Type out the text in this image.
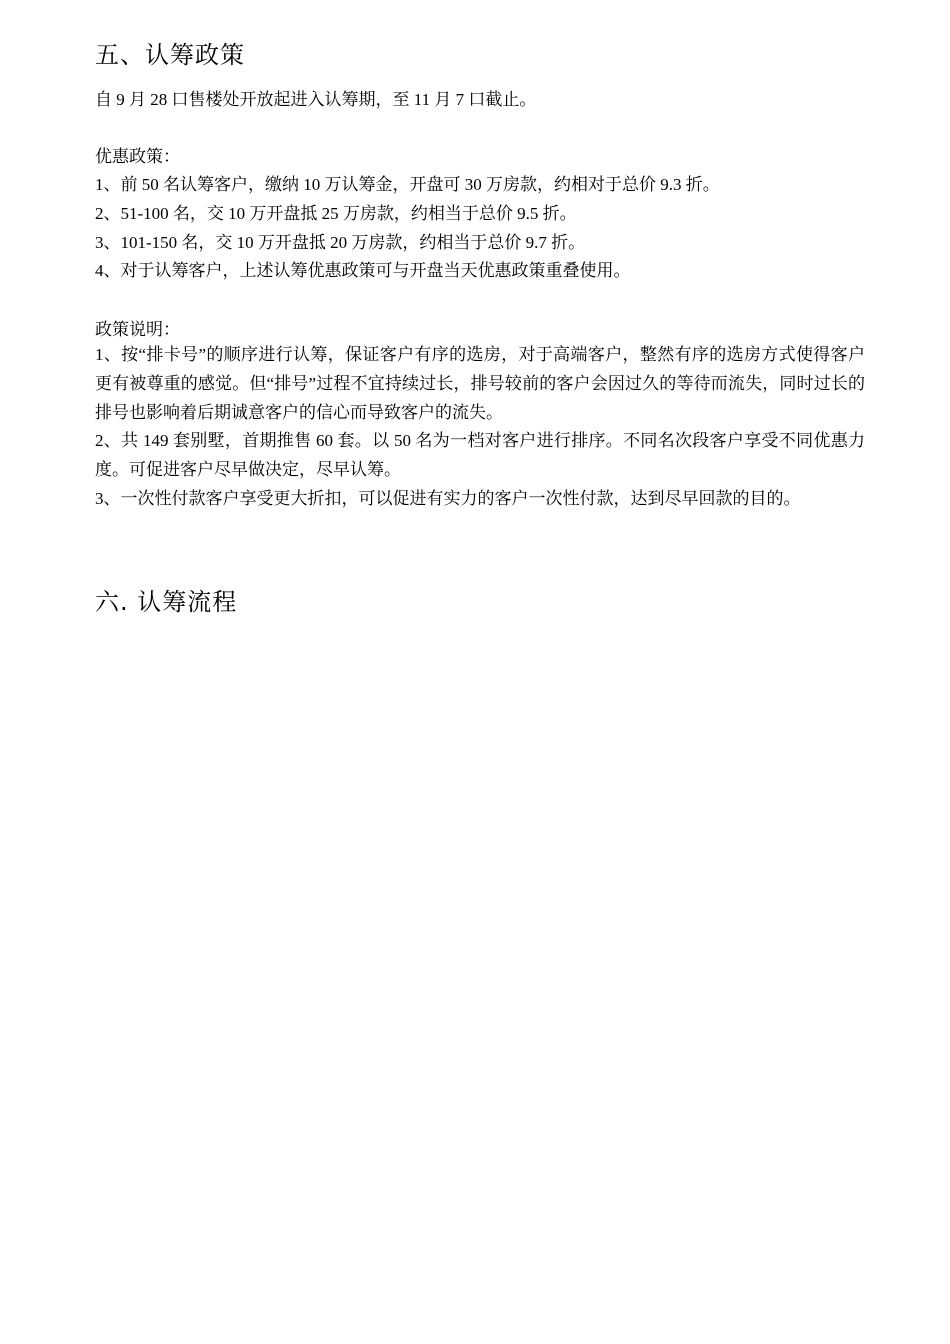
五、认筹政策

自 9 月 28 口售楼处开放起进入认筹期，至 11 月 7 口截止。

优惠政策：

1、前 50 名认筹客户，缴纳 10 万认筹金，开盘可 30 万房款，约相对于总价 9.3 折。
2、51-100 名，交 10 万开盘抵 25 万房款，约相当于总价 9.5 折。
3、101-150 名，交 10 万开盘抵 20 万房款，约相当于总价 9.7 折。
4、对于认筹客户，上述认筹优惠政策可与开盘当天优惠政策重叠使用。

政策说明：

1、按“排卡号”的顺序进行认筹，保证客户有序的选房，对于高端客户，整然有序的选房方式使得客户更有被尊重的感觉。但“排号”过程不宜持续过长，排号较前的客户会因过久的等待而流失，同时过长的排号也影响着后期诚意客户的信心而导致客户的流失。
2、共 149 套别墅，首期推售 60 套。以 50 名为一档对客户进行排序。不同名次段客户享受不同优惠力度。可促进客户尽早做决定，尽早认筹。
3、一次性付款客户享受更大折扣，可以促进有实力的客户一次性付款，达到尽早回款的目的。
六. 认筹流程
